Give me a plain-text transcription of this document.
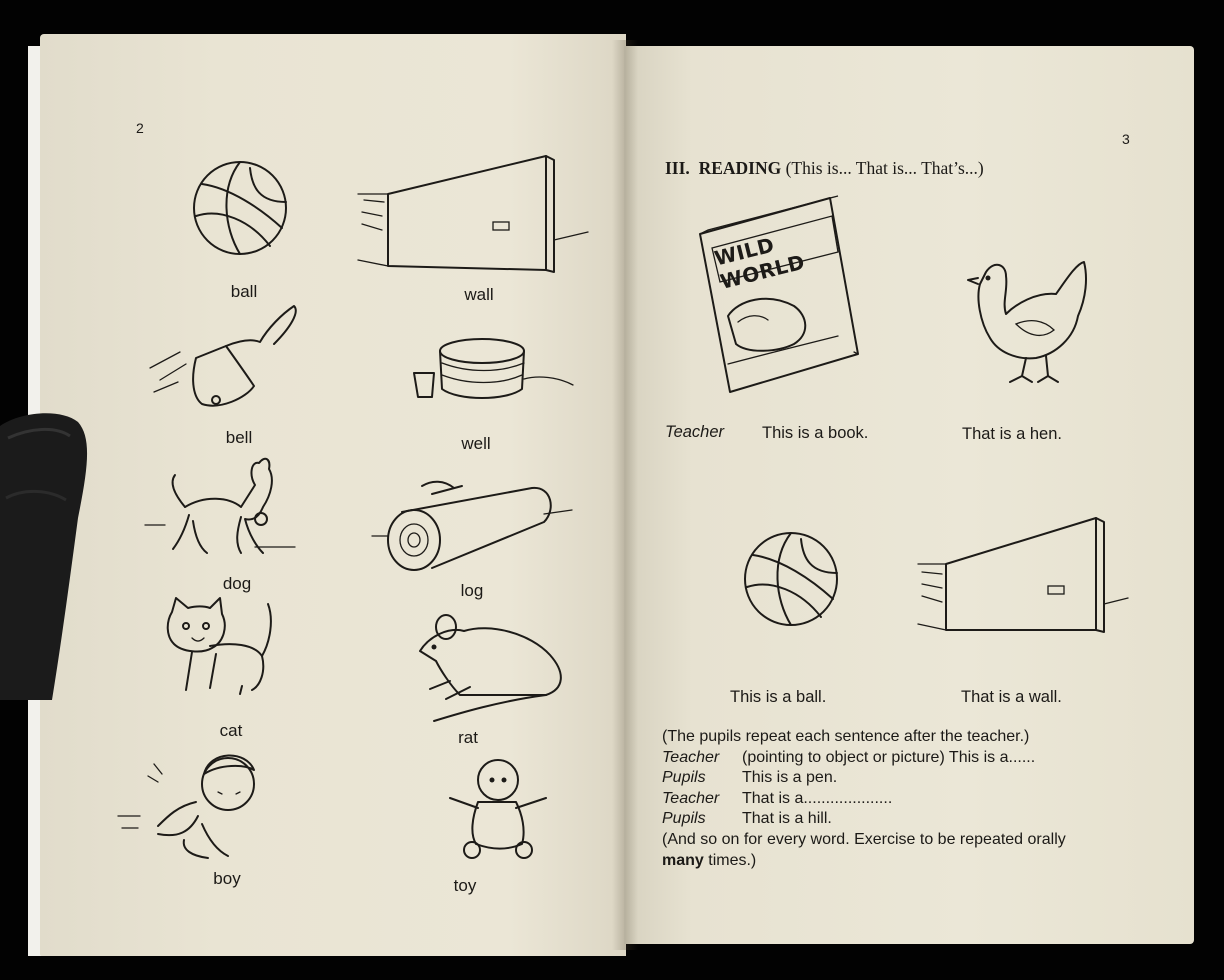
2
ball	wall
bell	well
dog	log
cat	rat
boy	toy
3
III. READING (This is... That is... That’s...)
WILD WORLD
Teacher This is a book.	That is a hen.
This is a ball.	That is a wall.
(The pupils repeat each sentence after the teacher.)
Teacher (pointing to object or picture) This is a......
Pupils This is a pen.
Teacher That is a....................
Pupils That is a hill.
(And so on for every word. Exercise to be repeated orally
many times.)
